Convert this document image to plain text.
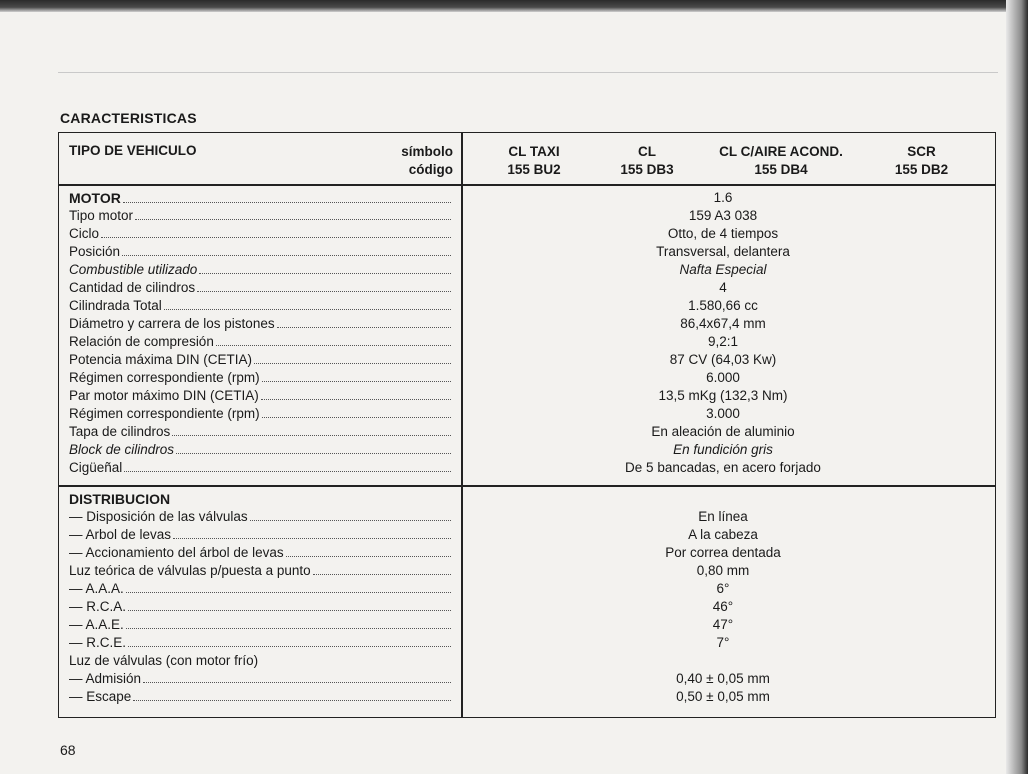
CARACTERISTICAS
TIPO DE VEHICULO	símbolo
código
CL TAXI
155 BU2
CL
155 DB3
CL C/AIRE ACOND.
155 DB4
SCR
155 DB2
MOTOR
Tipo motor
Ciclo
Posición
Combustible utilizado
Cantidad de cilindros
Cilindrada Total
Diámetro y carrera de los pistones
Relación de compresión
Potencia máxima DIN (CETIA)
Régimen correspondiente (rpm)
Par motor máximo DIN (CETIA)
Régimen correspondiente (rpm)
Tapa de cilindros
Block de cilindros
Cigüeñal
1.6
159 A3 038
Otto, de 4 tiempos
Transversal, delantera
Nafta Especial
4
1.580,66 cc
86,4x67,4 mm
9,2:1
87 CV (64,03 Kw)
6.000
13,5 mKg (132,3 Nm)
3.000
En aleación de aluminio
En fundición gris
De 5 bancadas, en acero forjado
DISTRIBUCION
— Disposición de las válvulas
— Arbol de levas
— Accionamiento del árbol de levas
Luz teórica de válvulas p/puesta a punto
— A.A.A.
— R.C.A.
— A.A.E.
— R.C.E.
Luz de válvulas (con motor frío)
— Admisión
— Escape
En línea
A la cabeza
Por correa dentada
0,80 mm
6°
46°
47°
7°
0,40 ± 0,05 mm
0,50 ± 0,05 mm
68
